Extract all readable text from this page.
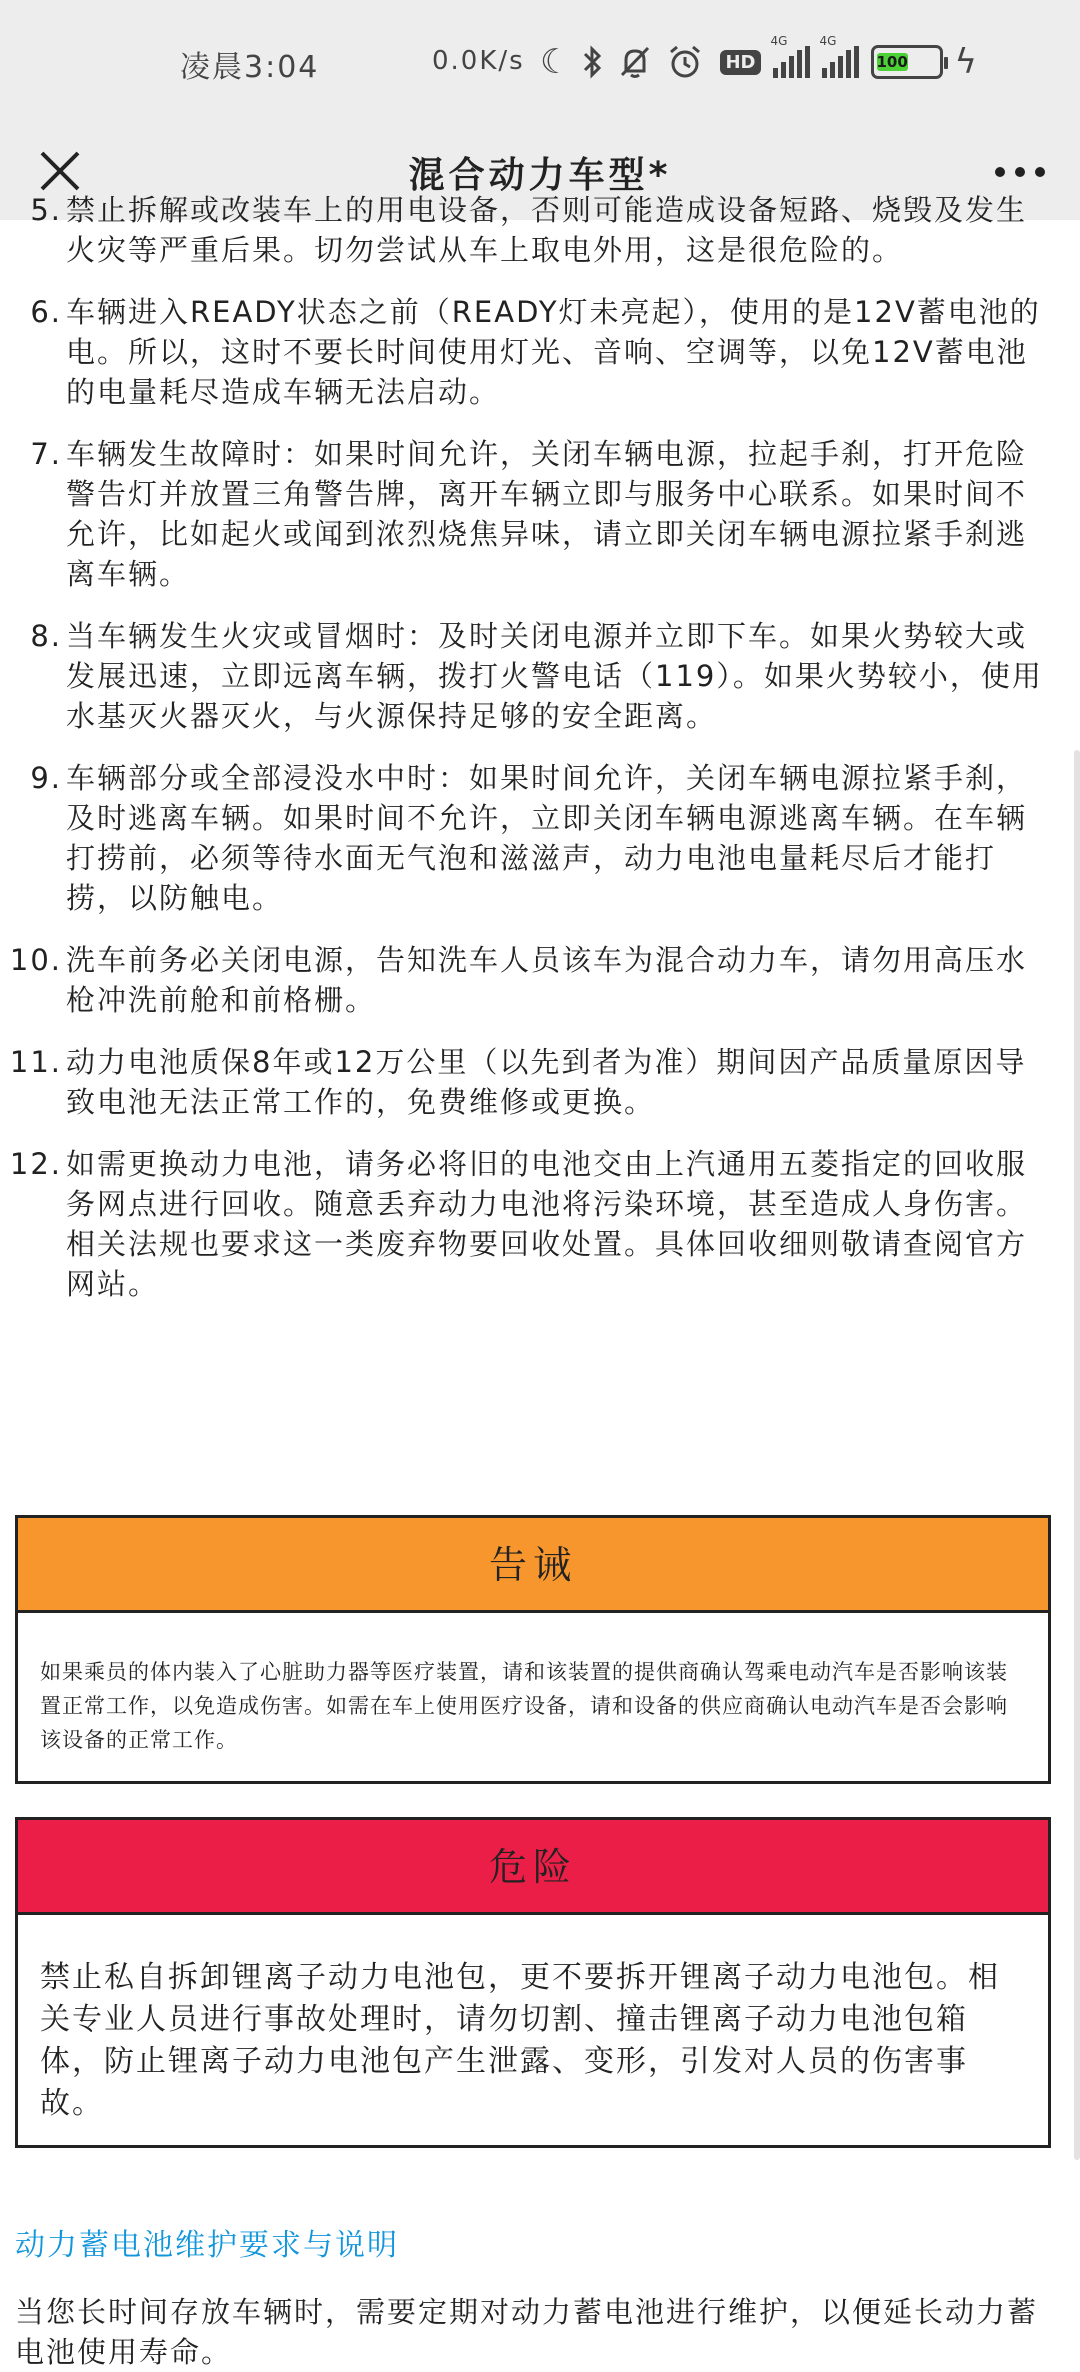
凌晨3:04	0.0K/s ☾	HD
4G	4G
100	ϟ
混合动力车型*
5. 禁止拆解或改装车上的用电设备，否则可能造成设备短路、烧毁及发生火灾等严重后果。切勿尝试从车上取电外用，这是很危险的。
6. 车辆进入READY状态之前（READY灯未亮起），使用的是12V蓄电池的电。所以，这时不要长时间使用灯光、音响、空调等，以免12V蓄电池的电量耗尽造成车辆无法启动。
7. 车辆发生故障时：如果时间允许，关闭车辆电源，拉起手刹，打开危险警告灯并放置三角警告牌，离开车辆立即与服务中心联系。如果时间不允许，比如起火或闻到浓烈烧焦异味，请立即关闭车辆电源拉紧手刹逃离车辆。
8. 当车辆发生火灾或冒烟时：及时关闭电源并立即下车。如果火势较大或发展迅速，立即远离车辆，拨打火警电话（119）。如果火势较小，使用水基灭火器灭火，与火源保持足够的安全距离。
9. 车辆部分或全部浸没水中时：如果时间允许，关闭车辆电源拉紧手刹，及时逃离车辆。如果时间不允许，立即关闭车辆电源逃离车辆。在车辆打捞前，必须等待水面无气泡和滋滋声，动力电池电量耗尽后才能打捞，以防触电。
10. 洗车前务必关闭电源，告知洗车人员该车为混合动力车，请勿用高压水枪冲洗前舱和前格栅。
11. 动力电池质保8年或12万公里（以先到者为准）期间因产品质量原因导致电池无法正常工作的，免费维修或更换。
12. 如需更换动力电池，请务必将旧的电池交由上汽通用五菱指定的回收服务网点进行回收。随意丢弃动力电池将污染环境，甚至造成人身伤害。相关法规也要求这一类废弃物要回收处置。具体回收细则敬请查阅官方网站。
告诫
如果乘员的体内装入了心脏助力器等医疗装置，请和该装置的提供商确认驾乘电动汽车是否影响该装置正常工作，以免造成伤害。如需在车上使用医疗设备，请和设备的供应商确认电动汽车是否会影响该设备的正常工作。
危险
禁止私自拆卸锂离子动力电池包，更不要拆开锂离子动力电池包。相关专业人员进行事故处理时，请勿切割、撞击锂离子动力电池包箱体，防止锂离子动力电池包产生泄露、变形，引发对人员的伤害事故。
动力蓄电池维护要求与说明
当您长时间存放车辆时，需要定期对动力蓄电池进行维护，以便延长动力蓄电池使用寿命。
